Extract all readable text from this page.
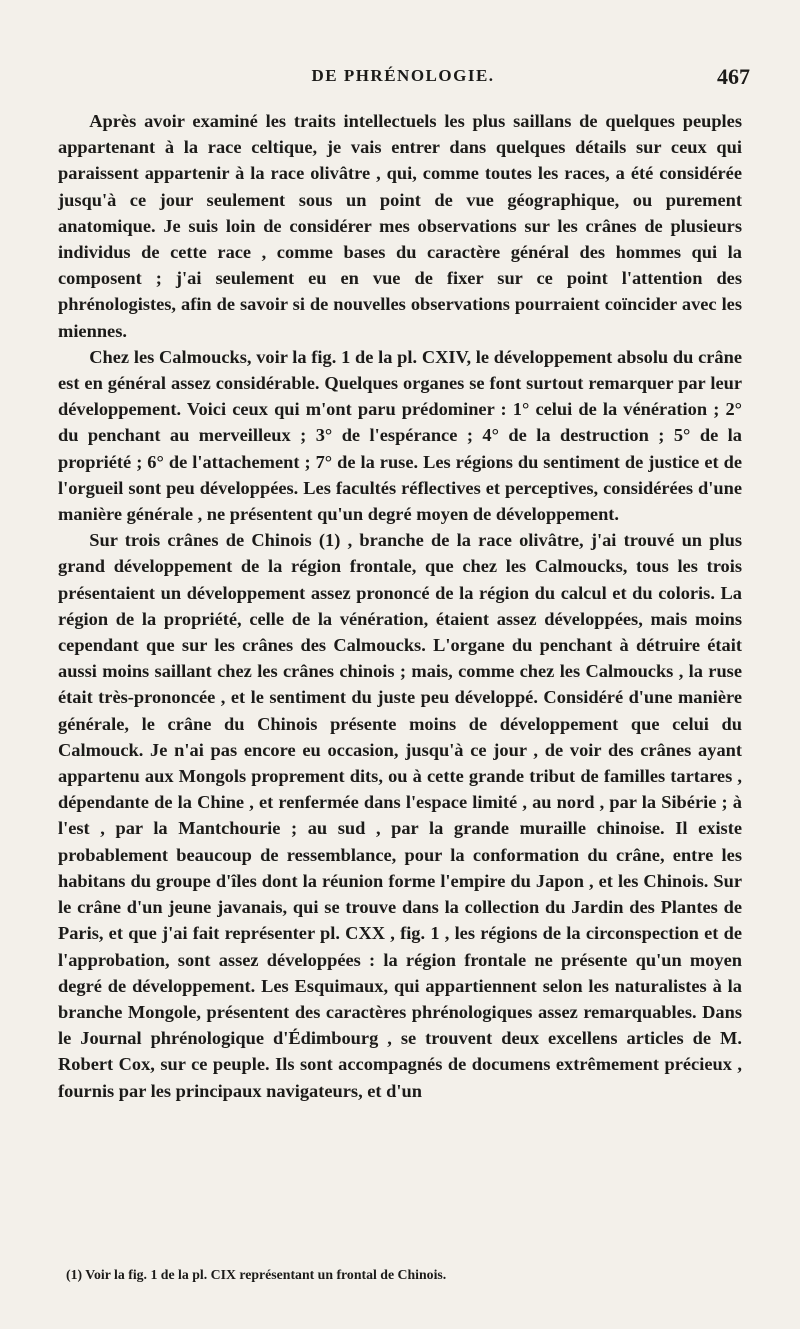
DE PHRÉNOLOGIE.	467

Après avoir examiné les traits intellectuels les plus saillans de quelques peuples appartenant à la race celtique, je vais entrer dans quelques détails sur ceux qui paraissent appartenir à la race olivâtre , qui, comme toutes les races, a été considérée jusqu'à ce jour seulement sous un point de vue géographique, ou purement anatomique. Je suis loin de considérer mes observations sur les crânes de plusieurs individus de cette race , comme bases du caractère général des hommes qui la composent ; j'ai seulement eu en vue de fixer sur ce point l'attention des phrénologistes, afin de savoir si de nouvelles observations pourraient coïncider avec les miennes.

Chez les Calmoucks, voir la fig. 1 de la pl. CXIV, le développement absolu du crâne est en général assez considérable. Quelques organes se font surtout remarquer par leur développement. Voici ceux qui m'ont paru prédominer : 1° celui de la vénération ; 2° du penchant au merveilleux ; 3° de l'espérance ; 4° de la destruction ; 5° de la propriété ; 6° de l'attachement ; 7° de la ruse. Les régions du sentiment de justice et de l'orgueil sont peu développées. Les facultés réflectives et perceptives, considérées d'une manière générale , ne présentent qu'un degré moyen de développement.

Sur trois crânes de Chinois (1) , branche de la race olivâtre, j'ai trouvé un plus grand développement de la région frontale, que chez les Calmoucks, tous les trois présentaient un développement assez prononcé de la région du calcul et du coloris. La région de la propriété, celle de la vénération, étaient assez développées, mais moins cependant que sur les crânes des Calmoucks. L'organe du penchant à détruire était aussi moins saillant chez les crânes chinois ; mais, comme chez les Calmoucks , la ruse était très-prononcée , et le sentiment du juste peu développé. Considéré d'une manière générale, le crâne du Chinois présente moins de développement que celui du Calmouck. Je n'ai pas encore eu occasion, jusqu'à ce jour , de voir des crânes ayant appartenu aux Mongols proprement dits, ou à cette grande tribut de familles tartares , dépendante de la Chine , et renfermée dans l'espace limité , au nord , par la Sibérie ; à l'est , par la Mantchourie ; au sud , par la grande muraille chinoise. Il existe probablement beaucoup de ressemblance, pour la conformation du crâne, entre les habitans du groupe d'îles dont la réunion forme l'empire du Japon , et les Chinois. Sur le crâne d'un jeune javanais, qui se trouve dans la collection du Jardin des Plantes de Paris, et que j'ai fait représenter pl. CXX , fig. 1 , les régions de la circonspection et de l'approbation, sont assez développées : la région frontale ne présente qu'un moyen degré de développement. Les Esquimaux, qui appartiennent selon les naturalistes à la branche Mongole, présentent des caractères phrénologiques assez remarquables. Dans le Journal phrénologique d'Édimbourg , se trouvent deux excellens articles de M. Robert Cox, sur ce peuple. Ils sont accompagnés de documens extrêmement précieux , fournis par les principaux navigateurs, et d'un

(1) Voir la fig. 1 de la pl. CIX représentant un frontal de Chinois.
